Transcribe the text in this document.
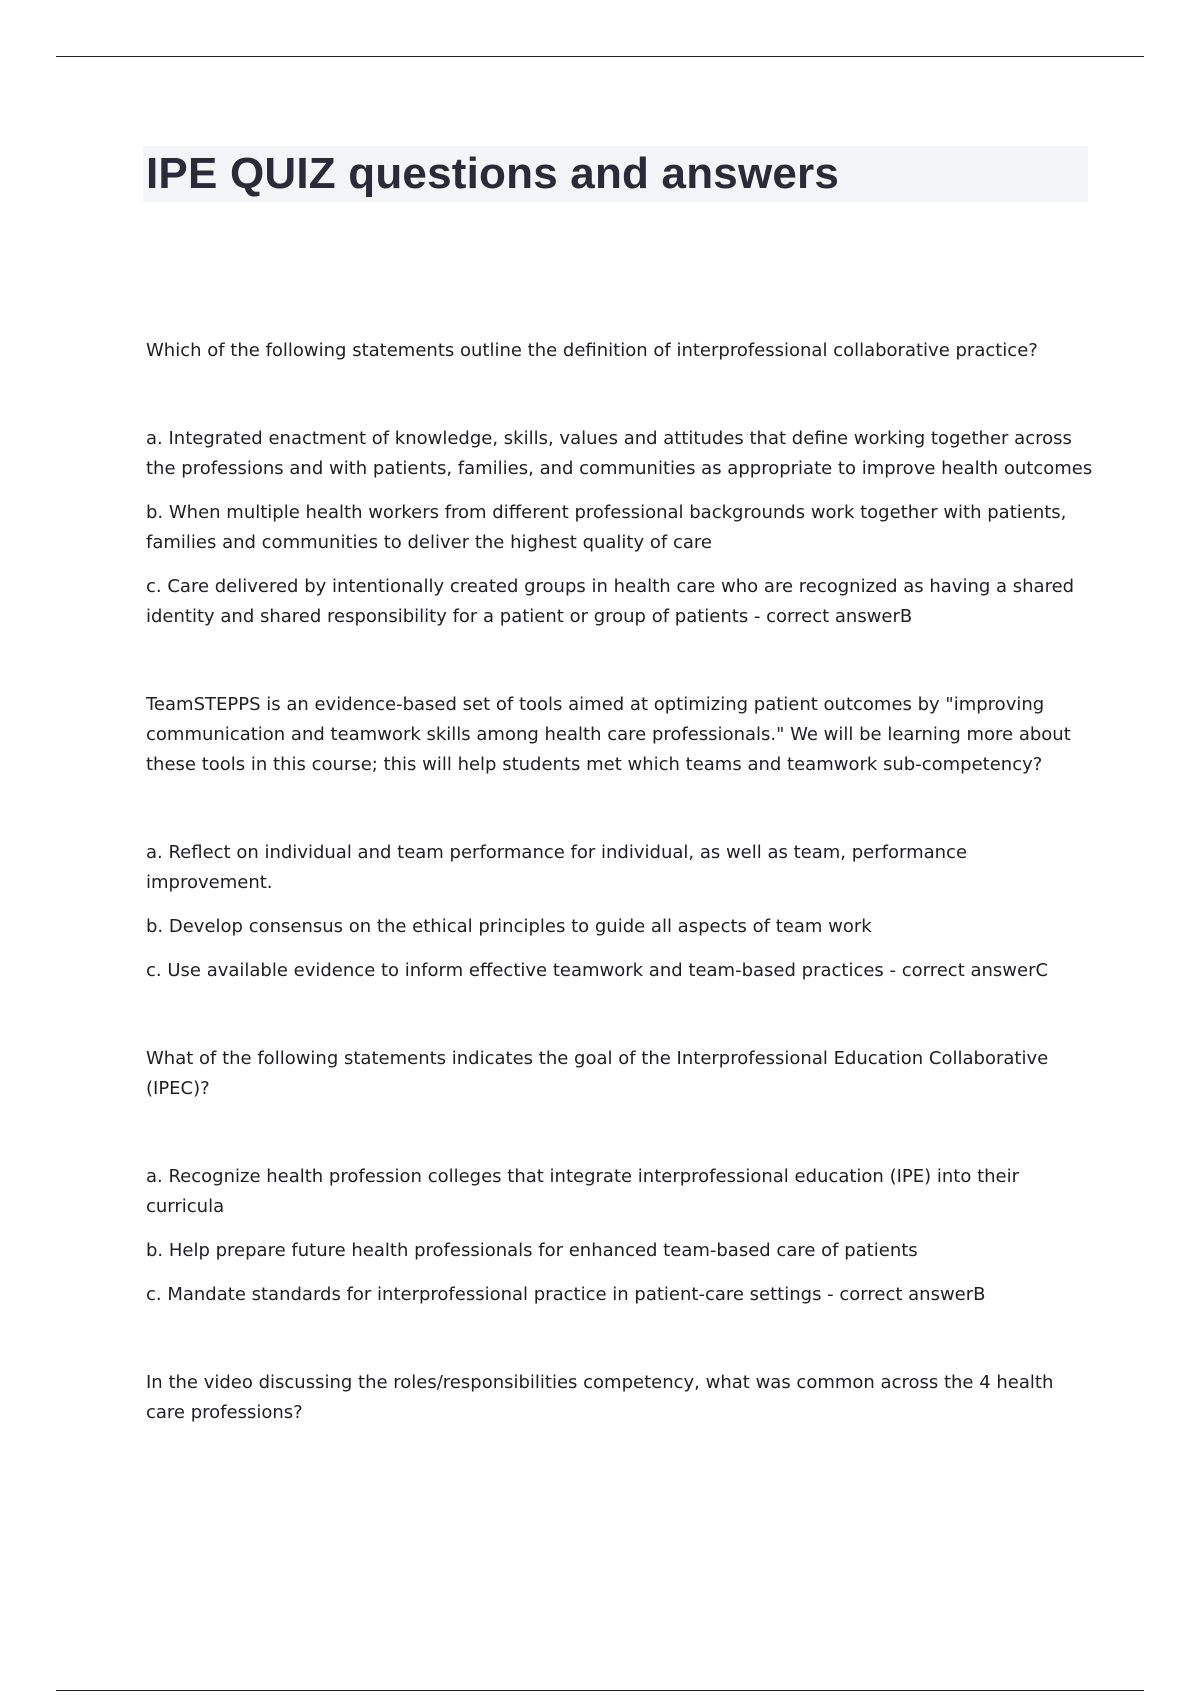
IPE QUIZ questions and answers

Which of the following statements outline the definition of interprofessional collaborative practice?

a. Integrated enactment of knowledge, skills, values and attitudes that define working together across the professions and with patients, families, and communities as appropriate to improve health outcomes

b. When multiple health workers from different professional backgrounds work together with patients, families and communities to deliver the highest quality of care

c. Care delivered by intentionally created groups in health care who are recognized as having a shared identity and shared responsibility for a patient or group of patients - correct answerB

TeamSTEPPS is an evidence-based set of tools aimed at optimizing patient outcomes by "improving communication and teamwork skills among health care professionals." We will be learning more about these tools in this course; this will help students met which teams and teamwork sub-competency?

a. Reflect on individual and team performance for individual, as well as team, performance improvement.

b. Develop consensus on the ethical principles to guide all aspects of team work

c. Use available evidence to inform effective teamwork and team-based practices - correct answerC

What of the following statements indicates the goal of the Interprofessional Education Collaborative (IPEC)?

a. Recognize health profession colleges that integrate interprofessional education (IPE) into their curricula

b. Help prepare future health professionals for enhanced team-based care of patients

c. Mandate standards for interprofessional practice in patient-care settings - correct answerB

In the video discussing the roles/responsibilities competency, what was common across the 4 health care professions?
